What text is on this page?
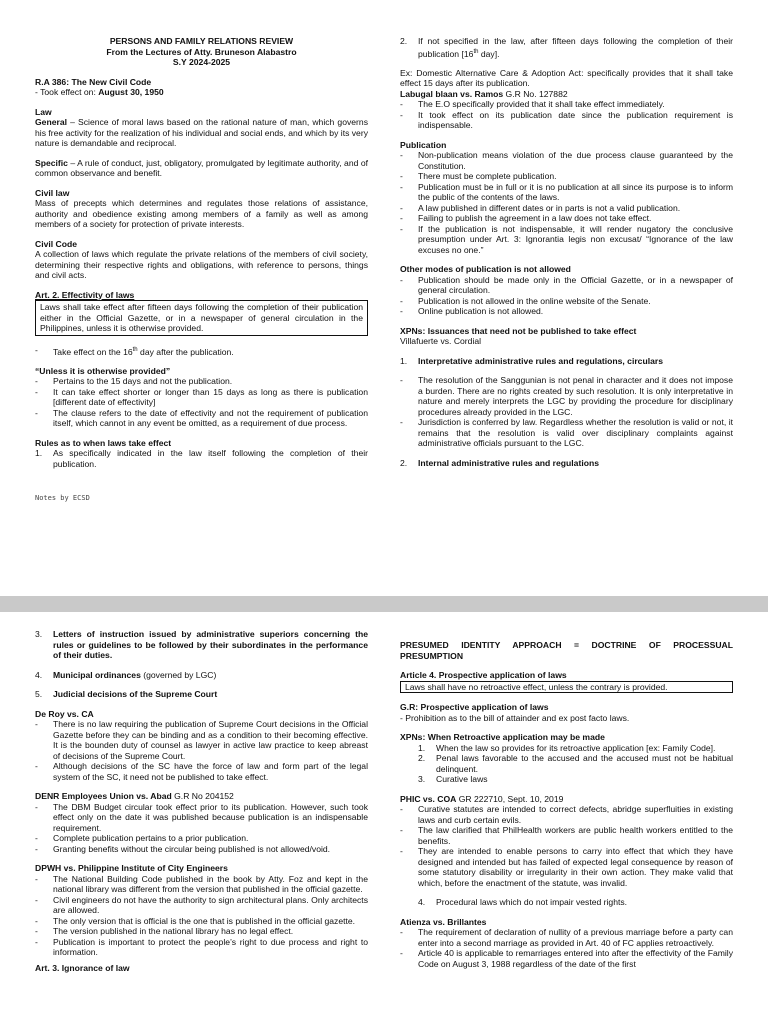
PERSONS AND FAMILY RELATIONS REVIEW

From the Lectures of Atty. Bruneson Alabastro

S.Y 2024-2025

R.A 386: The New Civil Code

- Took effect on: August 30, 1950

Law

General – Science of moral laws based on the rational nature of man, which governs his free activity for the realization of his individual and social ends, and which by its very nature is demandable and reciprocal.

Specific – A rule of conduct, just, obligatory, promulgated by legitimate authority, and of common observance and benefit.

Civil law

Mass of precepts which determines and regulates those relations of assistance, authority and obedience existing among members of a family as well as among members of a society for protection of private interests.

Civil Code

A collection of laws which regulate the private relations of the members of civil society, determining their respective rights and obligations, with reference to persons, things and civil acts.

Art. 2. Effectivity of laws

Laws shall take effect after fifteen days following the completion of their publication either in the Official Gazette, or in a newspaper of general circulation in the Philippines, unless it is otherwise provided.

- Take effect on the 16th day after the publication.

“Unless it is otherwise provided”

- Pertains to the 15 days and not the publication.

- It can take effect shorter or longer than 15 days as long as there is publication [different date of effectivity]

- The clause refers to the date of effectivity and not the requirement of publication itself, which cannot in any event be omitted, as a requirement of due process.

Rules as to when laws take effect

1. As specifically indicated in the law itself following the completion of their publication.

Notes by ECSD

2. If not specified in the law, after fifteen days following the completion of their publication [16th day].

Ex: Domestic Alternative Care & Adoption Act: specifically provides that it shall take effect 15 days after its publication.

Labugal blaan vs. Ramos G.R No. 127882

- The E.O specifically provided that it shall take effect immediately.

- It took effect on its publication date since the publication requirement is indispensable.

Publication

- Non-publication means violation of the due process clause guaranteed by the Constitution.

- There must be complete publication.

- Publication must be in full or it is no publication at all since its purpose is to inform the public of the contents of the laws.

- A law published in different dates or in parts is not a valid publication.

- Failing to publish the agreement in a law does not take effect.

- If the publication is not indispensable, it will render nugatory the conclusive presumption under Art. 3: Ignorantia legis non excusat/ “Ignorance of the law excuses no one.”

Other modes of publication is not allowed

- Publication should be made only in the Official Gazette, or in a newspaper of general circulation.

- Publication is not allowed in the online website of the Senate.

- Online publication is not allowed.

XPNs: Issuances that need not be published to take effect

Villafuerte vs. Cordial

1. Interpretative administrative rules and regulations, circulars

- The resolution of the Sanggunian is not penal in character and it does not impose a burden. There are no rights created by such resolution. It is only interpretative in nature and merely interprets the LGC by providing the procedure for disciplinary procedures already provided in the LGC.

- Jurisdiction is conferred by law. Regardless whether the resolution is valid or not, it remains that the resolution is valid over disciplinary complaints against administrative officials pursuant to the LGC.

2. Internal administrative rules and regulations

3. Letters of instruction issued by administrative superiors concerning the rules or guidelines to be followed by their subordinates in the performance of their duties.

4. Municipal ordinances (governed by LGC)

5. Judicial decisions of the Supreme Court

De Roy vs. CA

- There is no law requiring the publication of Supreme Court decisions in the Official Gazette before they can be binding and as a condition to their becoming effective. It is the bounden duty of counsel as lawyer in active law practice to keep abreast of decisions of the Supreme Court.

- Although decisions of the SC have the force of law and form part of the legal system of the SC, it need not be published to take effect.

DENR Employees Union vs. Abad G.R No 204152

- The DBM Budget circular took effect prior to its publication. However, such took effect only on the date it was published because publication is an indispensable requirement.

- Complete publication pertains to a prior publication.

- Granting benefits without the circular being published is not allowed/void.

DPWH vs. Philippine Institute of City Engineers

- The National Building Code published in the book by Atty. Foz and kept in the national library was different from the version that published in the official gazette.

- Civil engineers do not have the authority to sign architectural plans. Only architects are allowed.

- The only version that is official is the one that is published in the official gazette.

- The version published in the national library has no legal effect.

- Publication is important to protect the people’s right to due process and right to information.

Art. 3. Ignorance of law

PRESUMED IDENTITY APPROACH = DOCTRINE OF PROCESSUAL PRESUMPTION

Article 4. Prospective application of laws

Laws shall have no retroactive effect, unless the contrary is provided.

G.R: Prospective application of laws

- Prohibition as to the bill of attainder and ex post facto laws.

XPNs: When Retroactive application may be made

1. When the law so provides for its retroactive application [ex: Family Code].

2. Penal laws favorable to the accused and the accused must not be habitual delinquent.

3. Curative laws

PHIC vs. COA GR 222710, Sept. 10, 2019

- Curative statutes are intended to correct defects, abridge superfluities in existing laws and curb certain evils.

- The law clarified that PhilHealth workers are public health workers entitled to the benefits.

- They are intended to enable persons to carry into effect that which they have designed and intended but has failed of expected legal consequence by reason of some statutory disability or irregularity in their own action. They make valid that which, before the enactment of the statute, was invalid.

4. Procedural laws which do not impair vested rights.

Atienza vs. Brillantes

- The requirement of declaration of nullity of a previous marriage before a party can enter into a second marriage as provided in Art. 40 of FC applies retroactively.

- Article 40 is applicable to remarriages entered into after the effectivity of the Family Code on August 3, 1988 regardless of the date of the first
